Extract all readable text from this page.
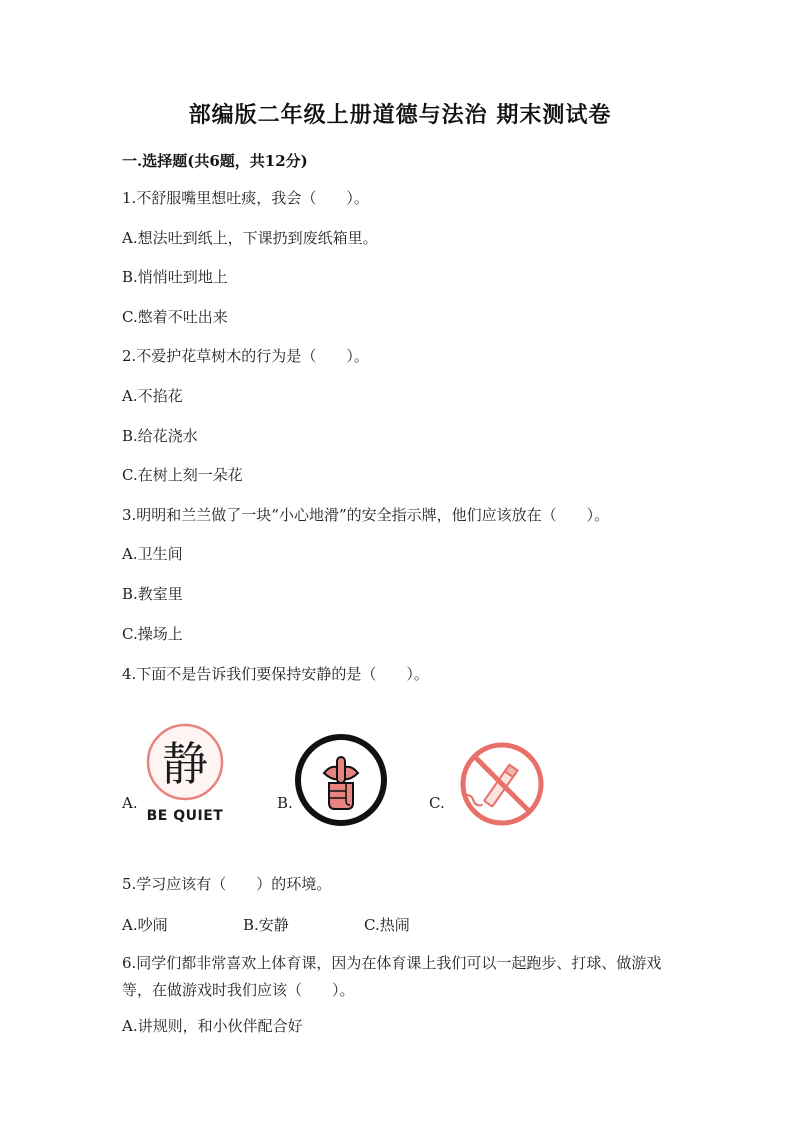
部编版二年级上册道德与法治 期末测试卷
一.选择题(共6题，共12分)
1.不舒服嘴里想吐痰，我会（　　）。
A.想法吐到纸上，下课扔到废纸箱里。
B.悄悄吐到地上
C.憋着不吐出来
2.不爱护花草树木的行为是（　　）。
A.不掐花
B.给花浇水
C.在树上刻一朵花
3.明明和兰兰做了一块“小心地滑”的安全指示牌，他们应该放在（　　）。
A.卫生间
B.教室里
C.操场上
4.下面不是告诉我们要保持安静的是（　　）。
A.
静
BE QUIET
B.	C.
5.学习应该有（　　）的环境。
A.吵闹	B.安静	C.热闹
6.同学们都非常喜欢上体育课，因为在体育课上我们可以一起跑步、打球、做游戏等，在做游戏时我们应该（　　）。
A.讲规则，和小伙伴配合好
